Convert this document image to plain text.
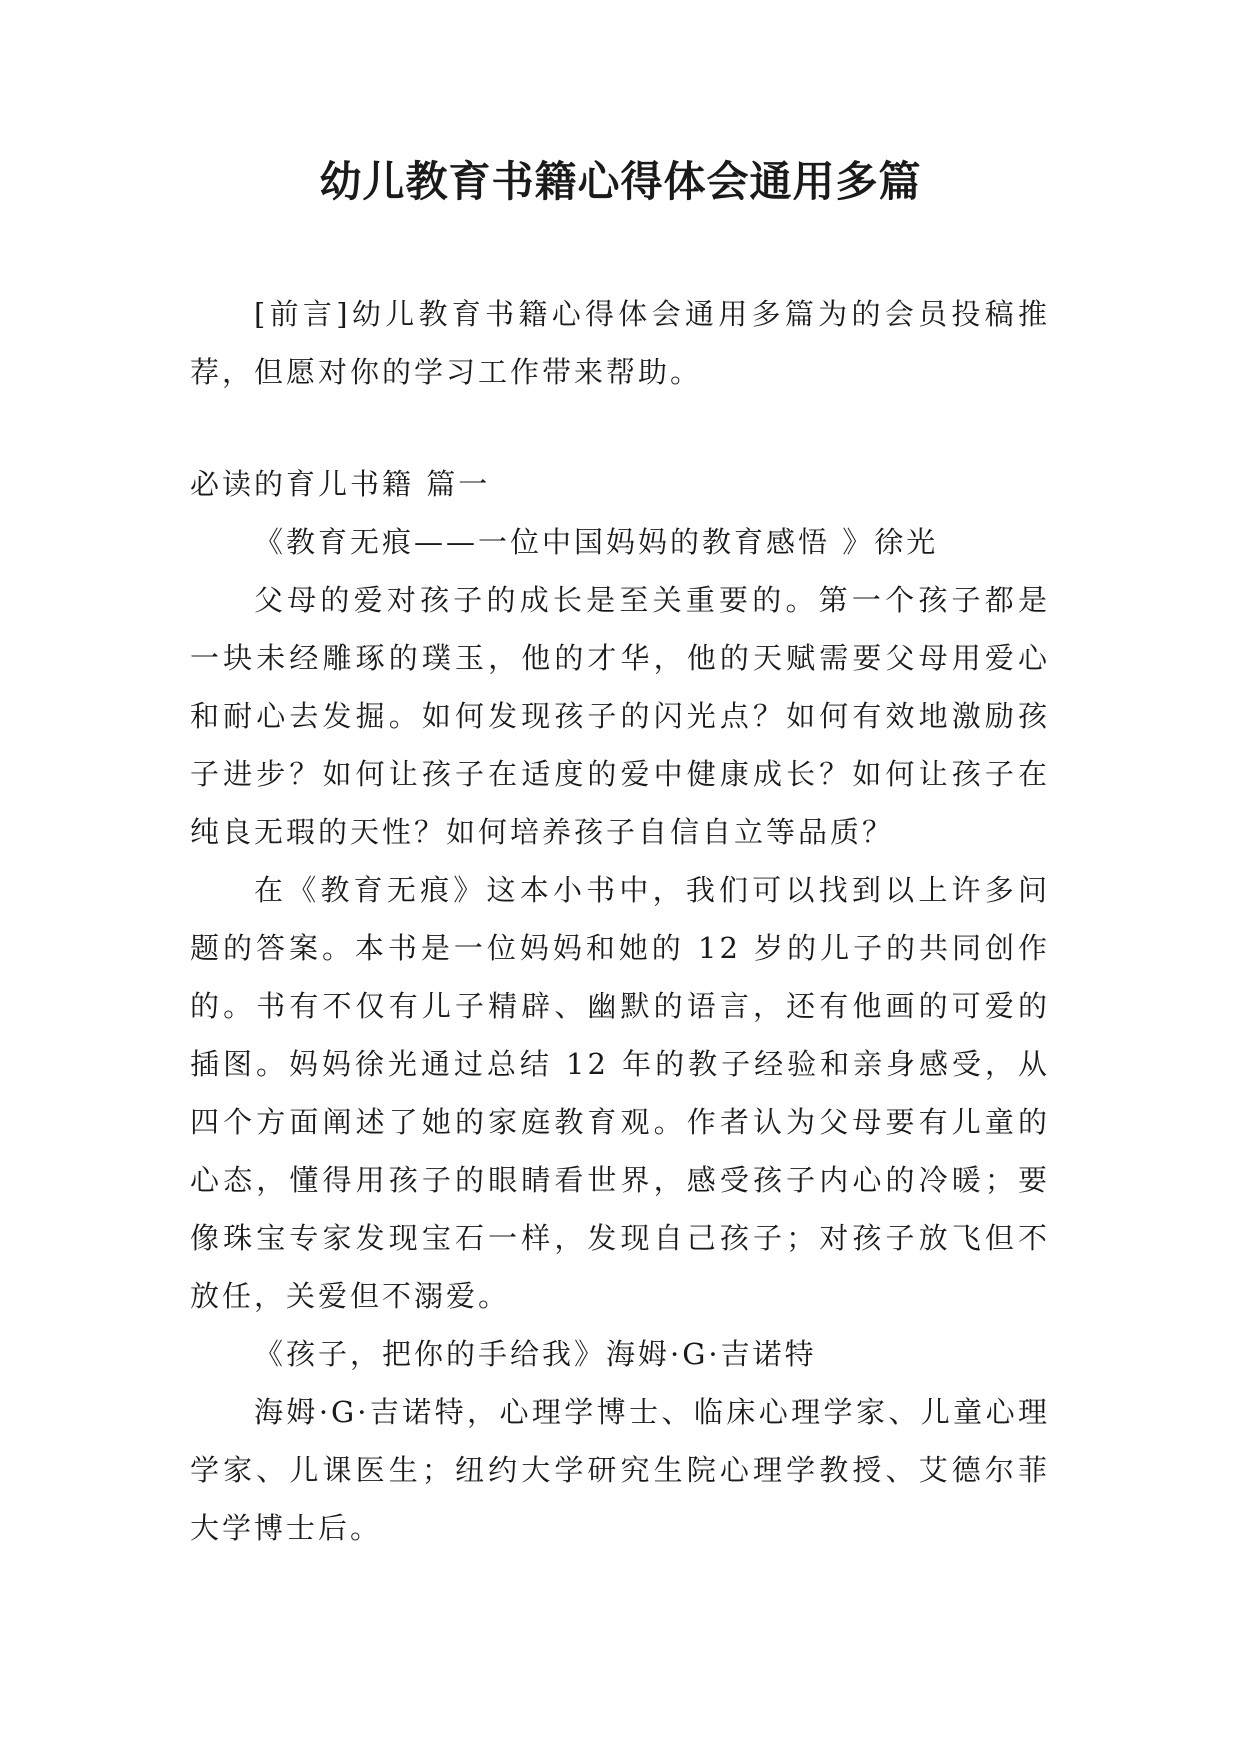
幼儿教育书籍心得体会通用多篇

[前言]幼儿教育书籍心得体会通用多篇为的会员投稿推荐，但愿对你的学习工作带来帮助。

必读的育儿书籍 篇一

《教育无痕——一位中国妈妈的教育感悟 》徐光

父母的爱对孩子的成长是至关重要的。第一个孩子都是一块未经雕琢的璞玉，他的才华，他的天赋需要父母用爱心和耐心去发掘。如何发现孩子的闪光点？如何有效地激励孩子进步？如何让孩子在适度的爱中健康成长？如何让孩子在纯良无瑕的天性？如何培养孩子自信自立等品质？

在《教育无痕》这本小书中，我们可以找到以上许多问题的答案。本书是一位妈妈和她的 12 岁的儿子的共同创作的。书有不仅有儿子精辟、幽默的语言，还有他画的可爱的插图。妈妈徐光通过总结 12 年的教子经验和亲身感受，从四个方面阐述了她的家庭教育观。作者认为父母要有儿童的心态，懂得用孩子的眼睛看世界，感受孩子内心的冷暖；要像珠宝专家发现宝石一样，发现自己孩子；对孩子放飞但不放任，关爱但不溺爱。

《孩子，把你的手给我》海姆·G·吉诺特

海姆·G·吉诺特，心理学博士、临床心理学家、儿童心理学家、儿课医生；纽约大学研究生院心理学教授、艾德尔菲大学博士后。
